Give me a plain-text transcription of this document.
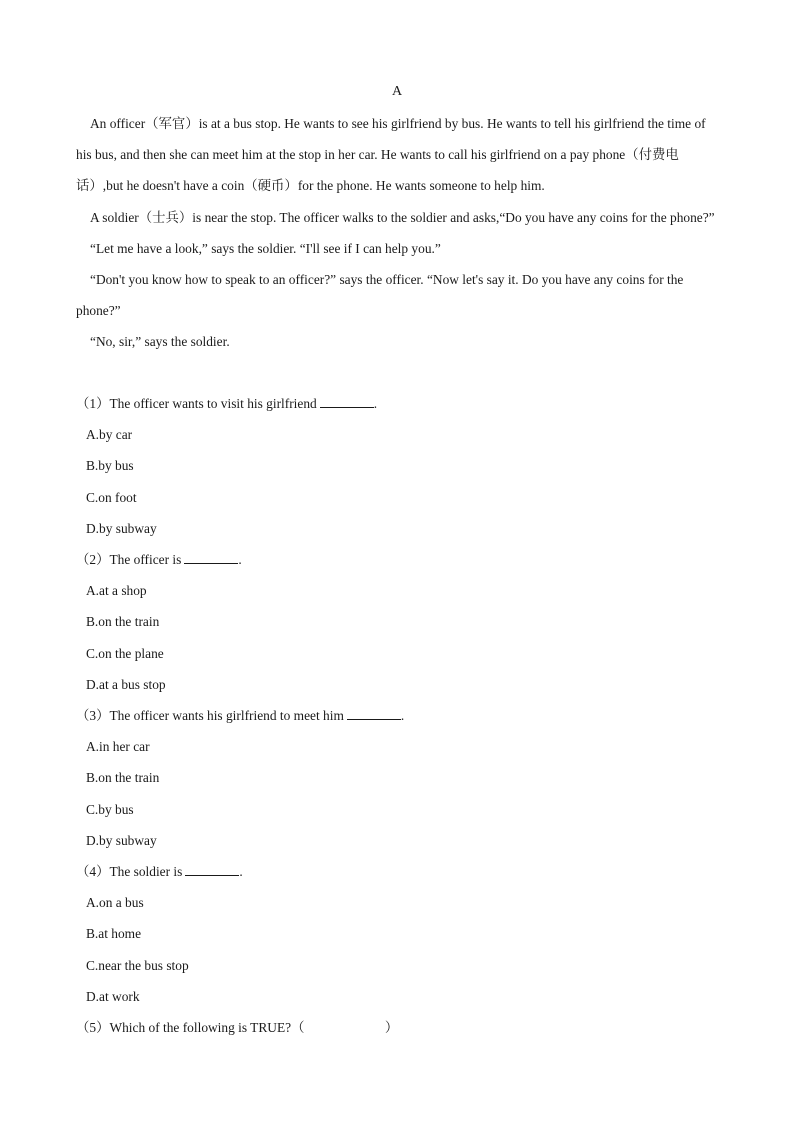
A

An officer（军官）is at a bus stop. He wants to see his girlfriend by bus. He wants to tell his girlfriend the time of his bus, and then she can meet him at the stop in her car. He wants to call his girlfriend on a pay phone（付费电话）,but he doesn't have a coin（硬币）for the phone. He wants someone to help him.

A soldier（士兵）is near the stop. The officer walks to the soldier and asks,“Do you have any coins for the phone?”

“Let me have a look,” says the soldier. “I'll see if I can help you.”

“Don't you know how to speak to an officer?” says the officer. “Now let's say it. Do you have any coins for the phone?”

“No, sir,” says the soldier.

（1）The officer wants to visit his girlfriend	.

A.by car

B.by bus

C.on foot

D.by subway

（2）The officer is	.

A.at a shop

B.on the train

C.on the plane

D.at a bus stop

（3）The officer wants his girlfriend to meet him	.

A.in her car

B.on the train

C.by bus

D.by subway

（4）The soldier is	.

A.on a bus

B.at home

C.near the bus stop

D.at work

（5）Which of the following is TRUE?（　　　　　　）
